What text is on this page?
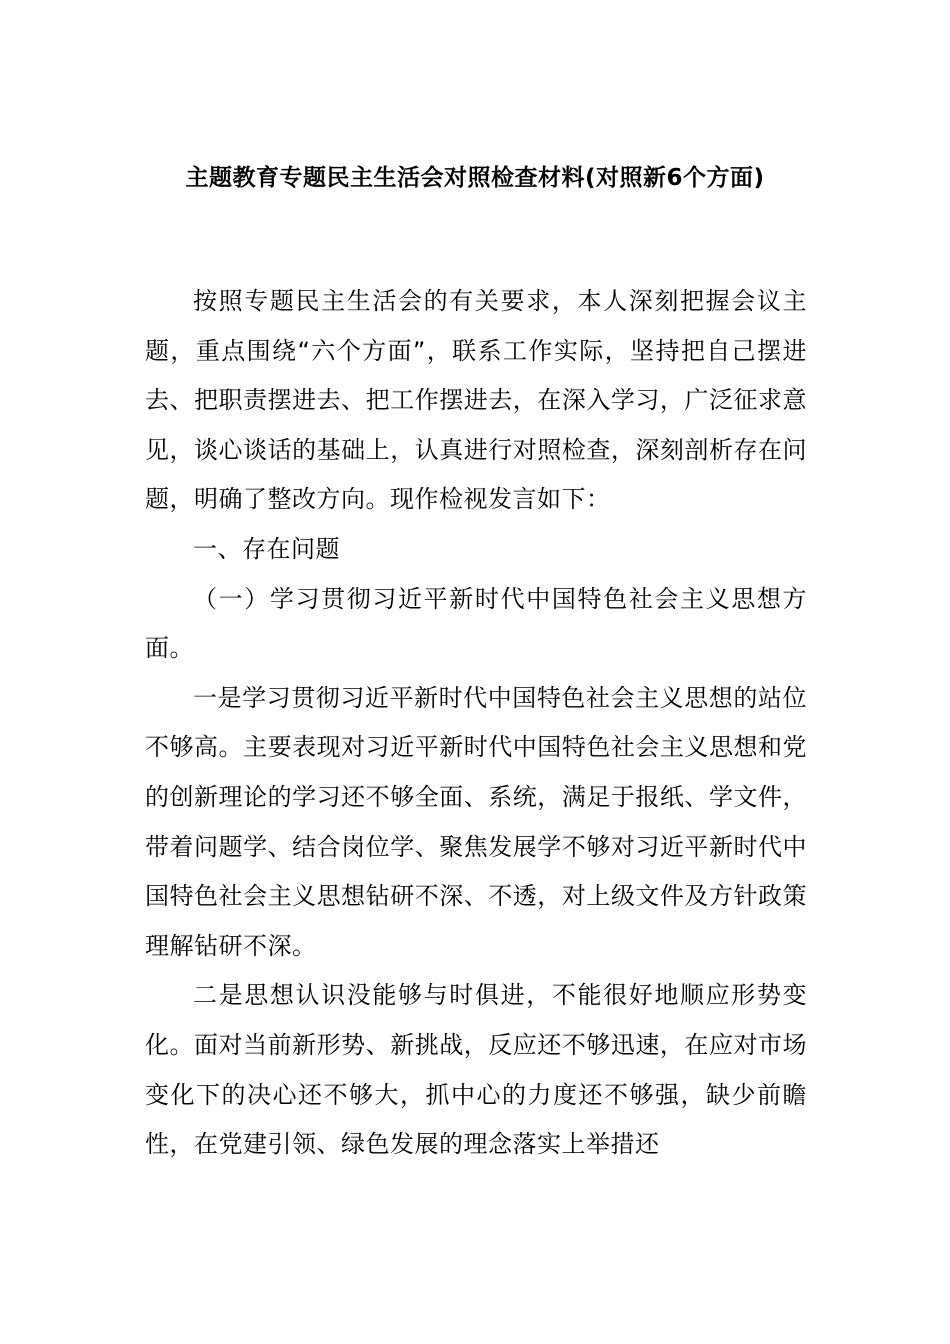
主题教育专题民主生活会对照检查材料(对照新6个方面)

按照专题民主生活会的有关要求，本人深刻把握会议主题，重点围绕“六个方面”，联系工作实际，坚持把自己摆进去、把职责摆进去、把工作摆进去，在深入学习，广泛征求意见，谈心谈话的基础上，认真进行对照检查，深刻剖析存在问题，明确了整改方向。现作检视发言如下：

一、存在问题

（一）学习贯彻习近平新时代中国特色社会主义思想方面。

一是学习贯彻习近平新时代中国特色社会主义思想的站位不够高。主要表现对习近平新时代中国特色社会主义思想和党的创新理论的学习还不够全面、系统，满足于报纸、学文件，带着问题学、结合岗位学、聚焦发展学不够对习近平新时代中国特色社会主义思想钻研不深、不透，对上级文件及方针政策理解钻研不深。

二是思想认识没能够与时俱进，不能很好地顺应形势变化。面对当前新形势、新挑战，反应还不够迅速，在应对市场变化下的决心还不够大，抓中心的力度还不够强，缺少前瞻性，在党建引领、绿色发展的理念落实上举措还
